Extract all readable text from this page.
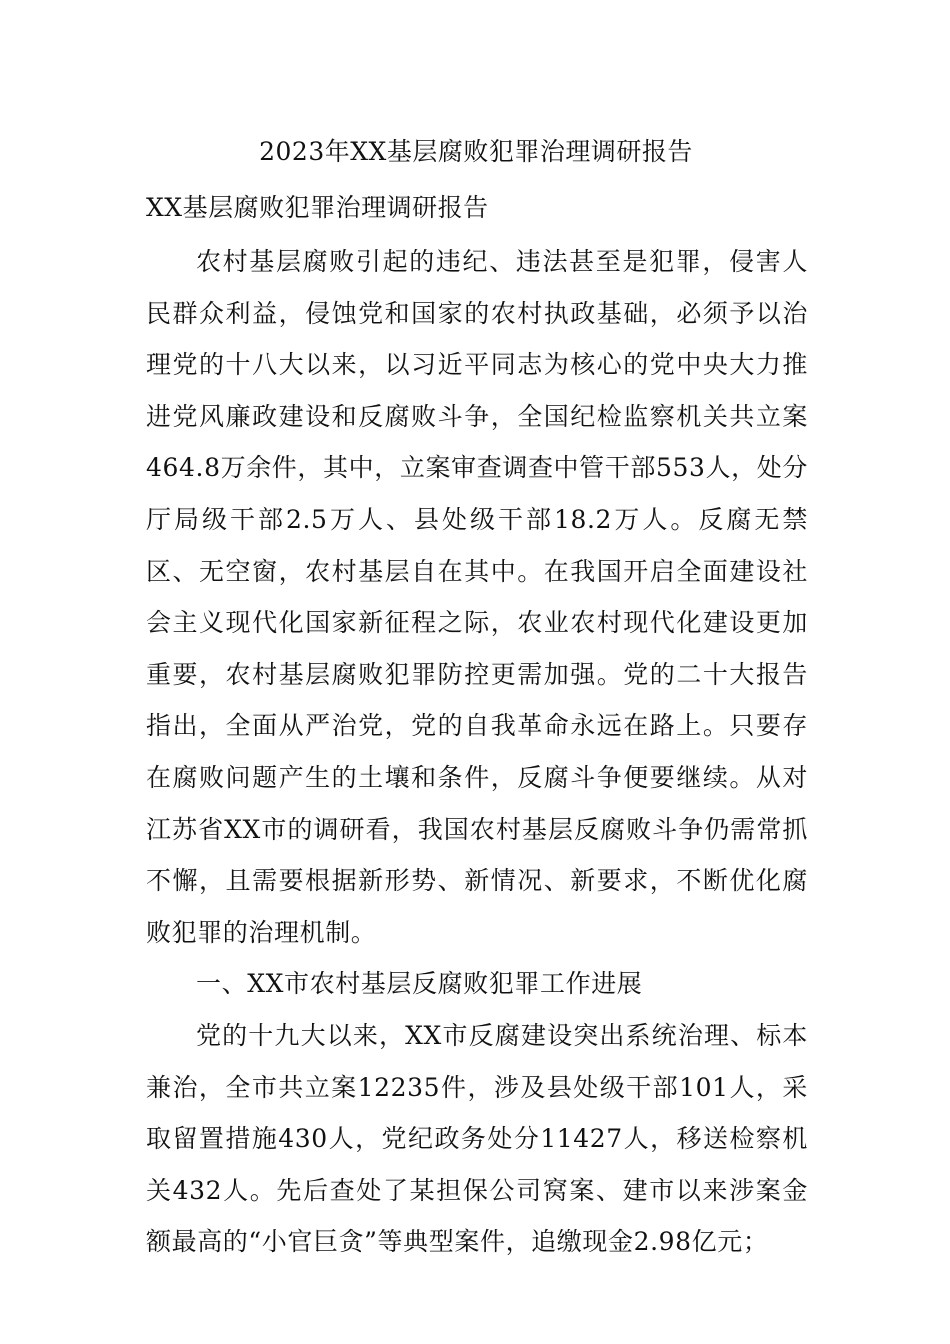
2023年XX基层腐败犯罪治理调研报告
XX基层腐败犯罪治理调研报告

农村基层腐败引起的违纪、违法甚至是犯罪，侵害人民群众利益，侵蚀党和国家的农村执政基础，必须予以治理党的十八大以来，以习近平同志为核心的党中央大力推进党风廉政建设和反腐败斗争，全国纪检监察机关共立案464.8万余件，其中，立案审查调查中管干部553人，处分厅局级干部2.5万人、县处级干部18.2万人。反腐无禁区、无空窗，农村基层自在其中。在我国开启全面建设社会主义现代化国家新征程之际，农业农村现代化建设更加重要，农村基层腐败犯罪防控更需加强。党的二十大报告指出，全面从严治党，党的自我革命永远在路上。只要存在腐败问题产生的土壤和条件，反腐斗争便要继续。从对江苏省XX市的调研看，我国农村基层反腐败斗争仍需常抓不懈，且需要根据新形势、新情况、新要求，不断优化腐败犯罪的治理机制。

一、XX市农村基层反腐败犯罪工作进展

党的十九大以来，XX市反腐建设突出系统治理、标本兼治，全市共立案12235件，涉及县处级干部101人，采取留置措施430人，党纪政务处分11427人，移送检察机关432人。先后查处了某担保公司窝案、建市以来涉案金额最高的“小官巨贪”等典型案件，追缴现金2.98亿元；
